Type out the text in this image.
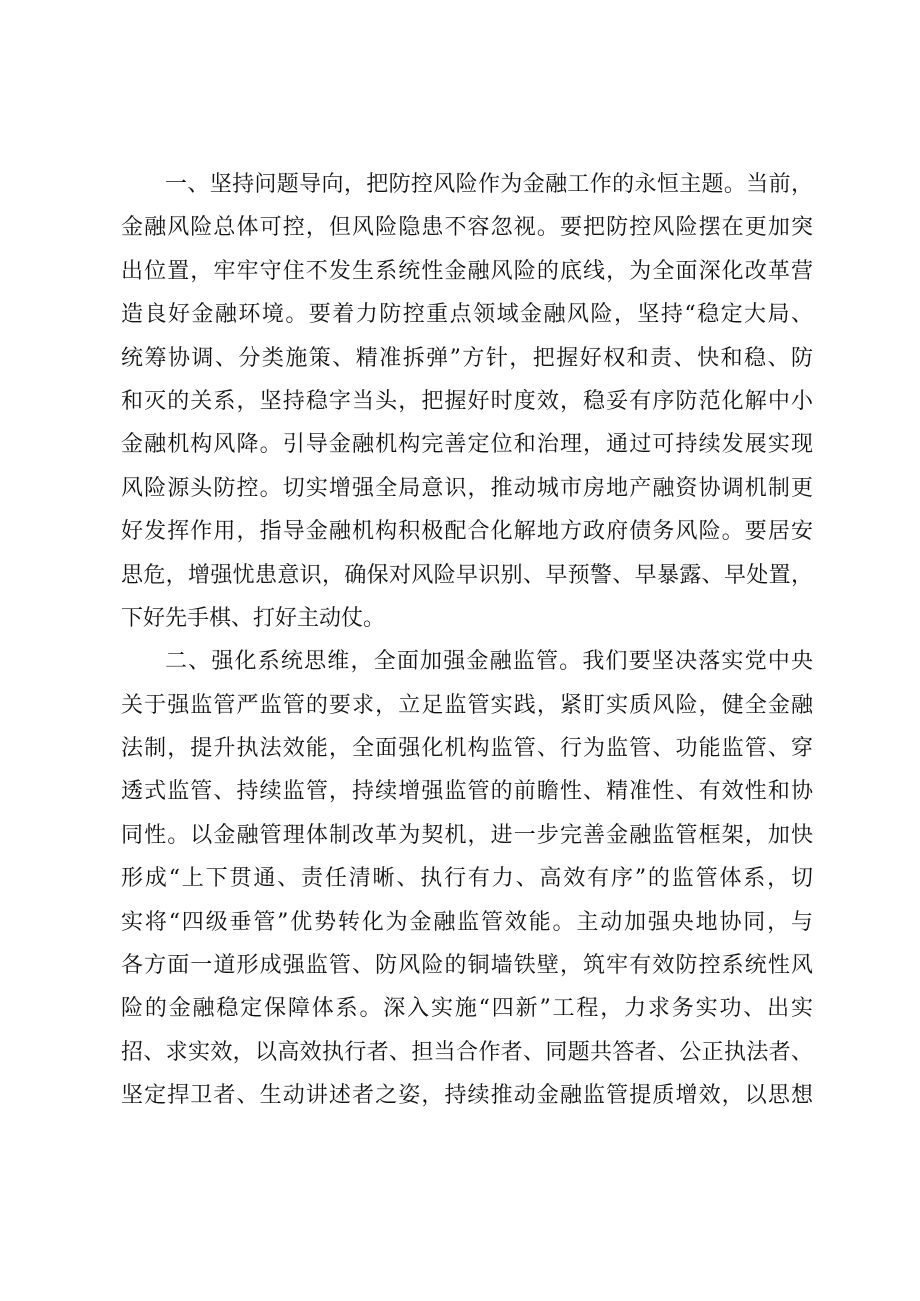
一、坚持问题导向，把防控风险作为金融工作的永恒主题。当前，
金融风险总体可控，但风险隐患不容忽视。要把防控风险摆在更加突
出位置，牢牢守住不发生系统性金融风险的底线，为全面深化改革营
造良好金融环境。要着力防控重点领域金融风险，坚持“稳定大局、
统筹协调、分类施策、精准拆弹”方针，把握好权和责、快和稳、防
和灭的关系，坚持稳字当头，把握好时度效，稳妥有序防范化解中小
金融机构风降。引导金融机构完善定位和治理，通过可持续发展实现
风险源头防控。切实增强全局意识，推动城市房地产融资协调机制更
好发挥作用，指导金融机构积极配合化解地方政府债务风险。要居安
思危，增强忧患意识，确保对风险早识别、早预警、早暴露、早处置，
下好先手棋、打好主动仗。
二、强化系统思维，全面加强金融监管。我们要坚决落实党中央
关于强监管严监管的要求，立足监管实践，紧盯实质风险，健全金融
法制，提升执法效能，全面强化机构监管、行为监管、功能监管、穿
透式监管、持续监管，持续增强监管的前瞻性、精准性、有效性和协
同性。以金融管理体制改革为契机，进一步完善金融监管框架，加快
形成“上下贯通、责任清晰、执行有力、高效有序”的监管体系，切
实将“四级垂管”优势转化为金融监管效能。主动加强央地协同，与
各方面一道形成强监管、防风险的铜墙铁壁，筑牢有效防控系统性风
险的金融稳定保障体系。深入实施“四新”工程，力求务实功、出实
招、求实效，以高效执行者、担当合作者、同题共答者、公正执法者、
坚定捍卫者、生动讲述者之姿，持续推动金融监管提质增效，以思想
